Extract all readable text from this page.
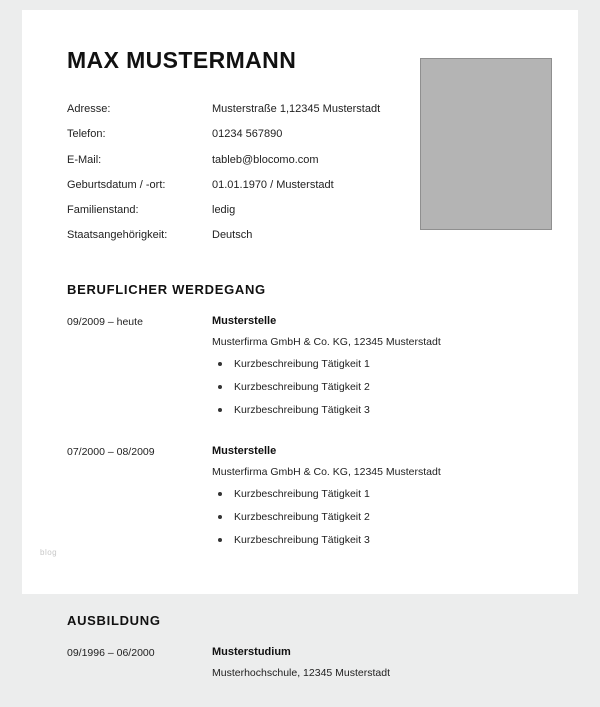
blog
MAX MUSTERMANN
Adresse:	Musterstraße 1,12345 Musterstadt
Telefon:	01234 567890
E-Mail:	tableb@blocomo.com
Geburtsdatum / -ort:	01.01.1970 / Musterstadt
Familienstand:	ledig
Staatsangehörigkeit:	Deutsch
BERUFLICHER WERDEGANG
09/2009 – heute	Musterstelle
Musterfirma GmbH & Co. KG, 12345 Musterstadt
Kurzbeschreibung Tätigkeit 1
Kurzbeschreibung Tätigkeit 2
Kurzbeschreibung Tätigkeit 3
07/2000 – 08/2009	Musterstelle
Musterfirma GmbH & Co. KG, 12345 Musterstadt
Kurzbeschreibung Tätigkeit 1
Kurzbeschreibung Tätigkeit 2
Kurzbeschreibung Tätigkeit 3
AUSBILDUNG
09/1996 – 06/2000	Musterstudium
Musterhochschule, 12345 Musterstadt
